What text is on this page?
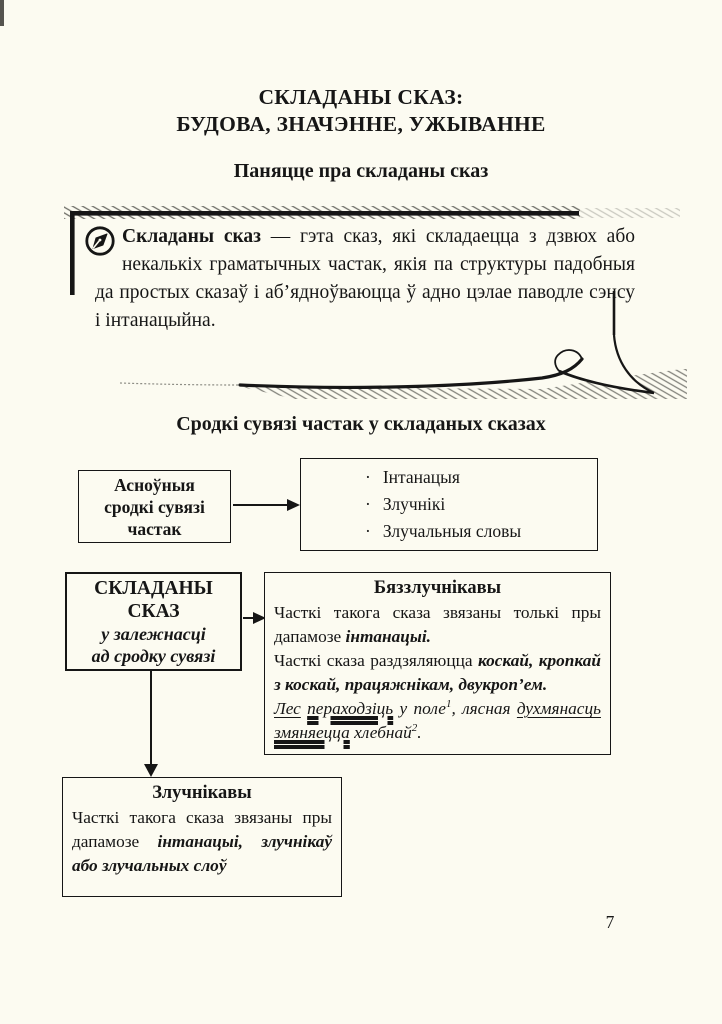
СКЛАДАНЫ СКАЗ:
БУДОВА, ЗНАЧЭННЕ, УЖЫВАННЕ
Паняцце пра складаны сказ
Складаны сказ — гэта сказ, які складаецца з дзвюх або некалькіх граматычных частак, якія па структуры падобныя да простых сказаў і аб’ядноўваюцца ў адно цэлае паводле сэнсу і інтанацыйна.
Сродкі сувязі частак у складаных сказах
Асноўныя
сродкі сувязі
частак
· Інтанацыя
· Злучнікі
· Злучальныя словы
СКЛАДАНЫ
СКАЗ
у залежнасці
ад сродку сувязі
Бяззлучнікавы

Часткі такога сказа звязаны толькі пры дапамозе інтанацыі.

Часткі сказа раздзяляюцца коскай, кропкай з коскай, працяжнікам, двукроп’ем.

Лес пераходзіць у поле$^1$, лясная духмянасць змяняецца хлебнай$^2$.

Злучнікавы

Часткі такога сказа звязаны пры дапамозе інтанацыі, злучнікаў або злучальных слоў

7
